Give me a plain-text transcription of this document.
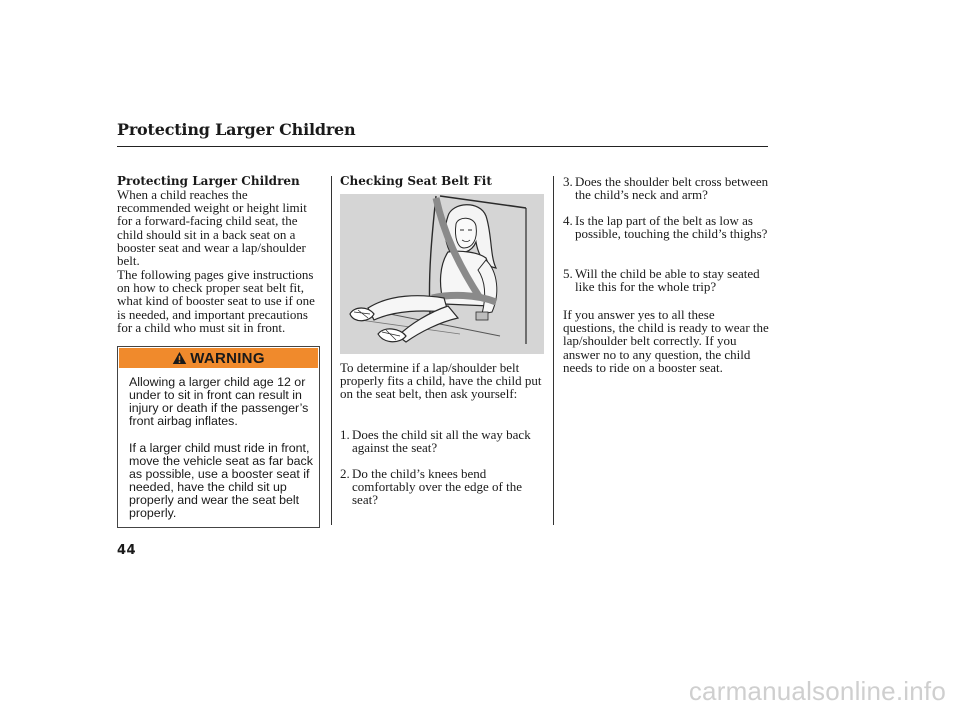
Protecting Larger Children
Protecting Larger Children

When a child reaches the recommended weight or height limit for a forward-facing child seat, the child should sit in a back seat on a booster seat and wear a lap/shoulder belt.

The following pages give instructions on how to check proper seat belt fit, what kind of booster seat to use if one is needed, and important precautions for a child who must sit in front.

WARNING

Allowing a larger child age 12 or under to sit in front can result in injury or death if the passenger’s front airbag inflates.

If a larger child must ride in front, move the vehicle seat as far back as possible, use a booster seat if needed, have the child sit up properly and wear the seat belt properly.

Checking Seat Belt Fit

To determine if a lap/shoulder belt properly fits a child, have the child put on the seat belt, then ask yourself:

1. Does the child sit all the way back against the seat?
2. Do the child’s knees bend comfortably over the edge of the seat?
3. Does the shoulder belt cross between the child’s neck and arm?
4. Is the lap part of the belt as low as possible, touching the child’s thighs?
5. Will the child be able to stay seated like this for the whole trip?

If you answer yes to all these questions, the child is ready to wear the lap/shoulder belt correctly. If you answer no to any question, the child needs to ride on a booster seat.

44
carmanualsonline.info
